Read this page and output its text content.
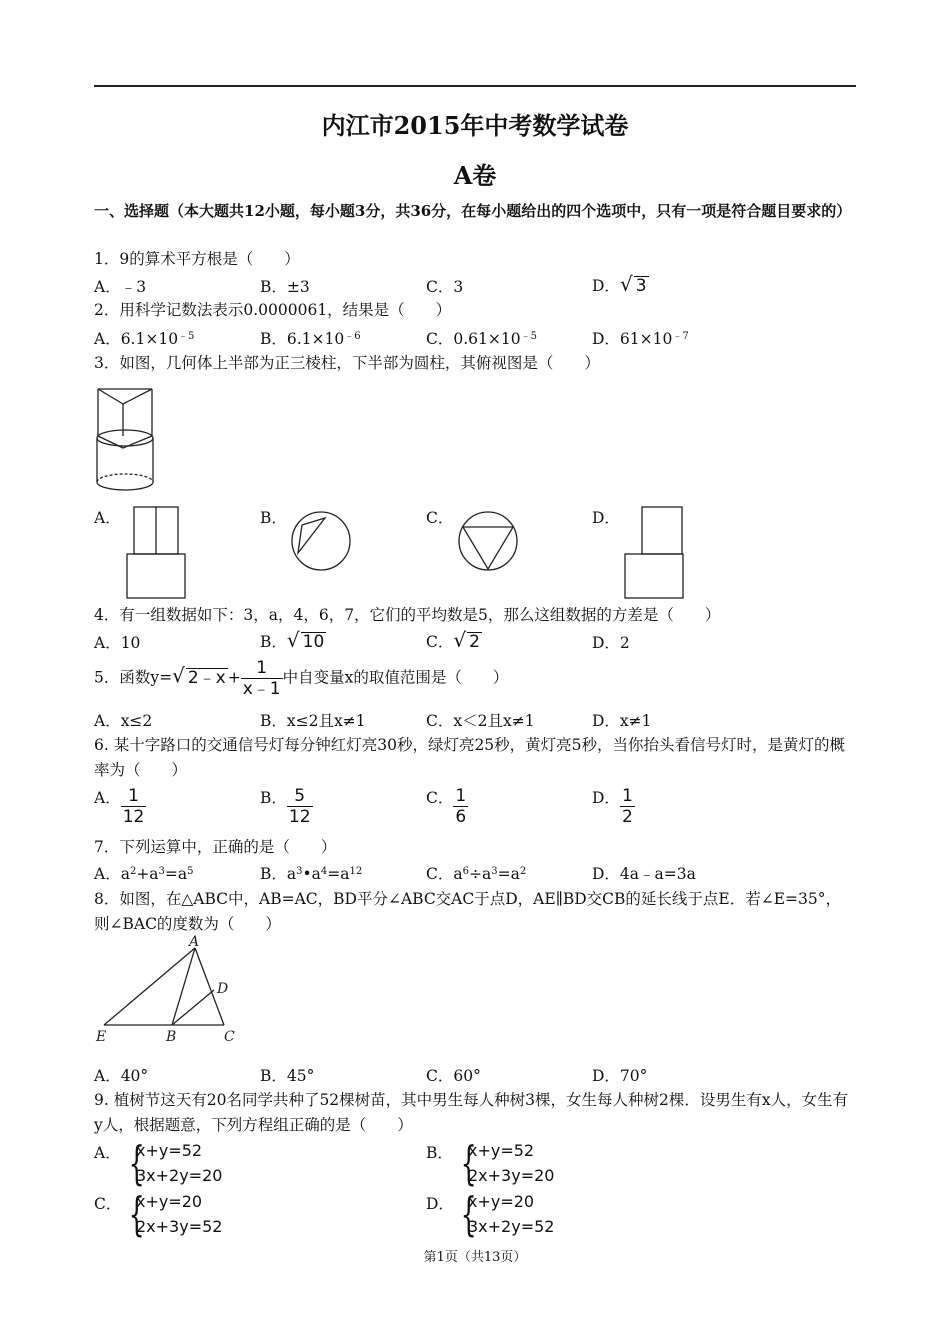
内江市2015年中考数学试卷
A卷
一、选择题（本大题共12小题，每小题3分，共36分，在每小题给出的四个选项中，只有一项是符合题目要求的）
1．9的算术平方根是（　　）
A．﹣3	B．±3	C．3	D．√ 3
2．用科学记数法表示0.0000061，结果是（　　）
A．$6.1\times 10^{﹣5}$	B．$6.1\times 10^{﹣6}$	C．$0.61\times 10^{﹣5}$	D．$61\times 10^{﹣7}$
3．如图，几何体上半部为正三棱柱，下半部为圆柱，其俯视图是（　　）
A．	B．	C．	D．
4．有一组数据如下：3，a，4，6，7，它们的平均数是5，那么这组数据的方差是（　　）
A．10	B．√ 10	C．√ 2	D．2
5．函数y=√ 2﹣x + $\frac{1}{x﹣1}$ 中自变量x的取值范围是（　　）
A．x≤2	B．x≤2且x≠1	C．x＜2且x≠1	D．x≠1
6. 某十字路口的交通信号灯每分钟红灯亮30秒，绿灯亮25秒，黄灯亮5秒，当你抬头看信号灯时，是黄灯的概率为（　　）
A． $\frac{1}{12}$	B． $\frac{5}{12}$	C． $\frac{1}{6}$	D． $\frac{1}{2}$
7．下列运算中，正确的是（　　）
A．$a^2+a^3=a^5$	B．$a^3•a^4=a^{12}$	C．$a^6\div a^3=a^2$	D．4a﹣a=3a
8．如图，在△ABC中，AB=AC，BD平分∠ABC交AC于点D，AE∥BD交CB的延长线于点E．若∠E=35°，则∠BAC的度数为（　　）
A
D
E	B	C
A．40°	B．45°	C．60°	D．70°
9. 植树节这天有20名同学共种了52棵树苗，其中男生每人种树3棵，女生每人种树2棵．设男生有x人，女生有y人，根据题意，下列方程组正确的是（　　）
A． {
x+y=52
3x+2y=20
B． {
x+y=52
2x+3y=20
C． {
x+y=20
2x+3y=52
D． {
x+y=20
3x+2y=52
第1页（共13页）
